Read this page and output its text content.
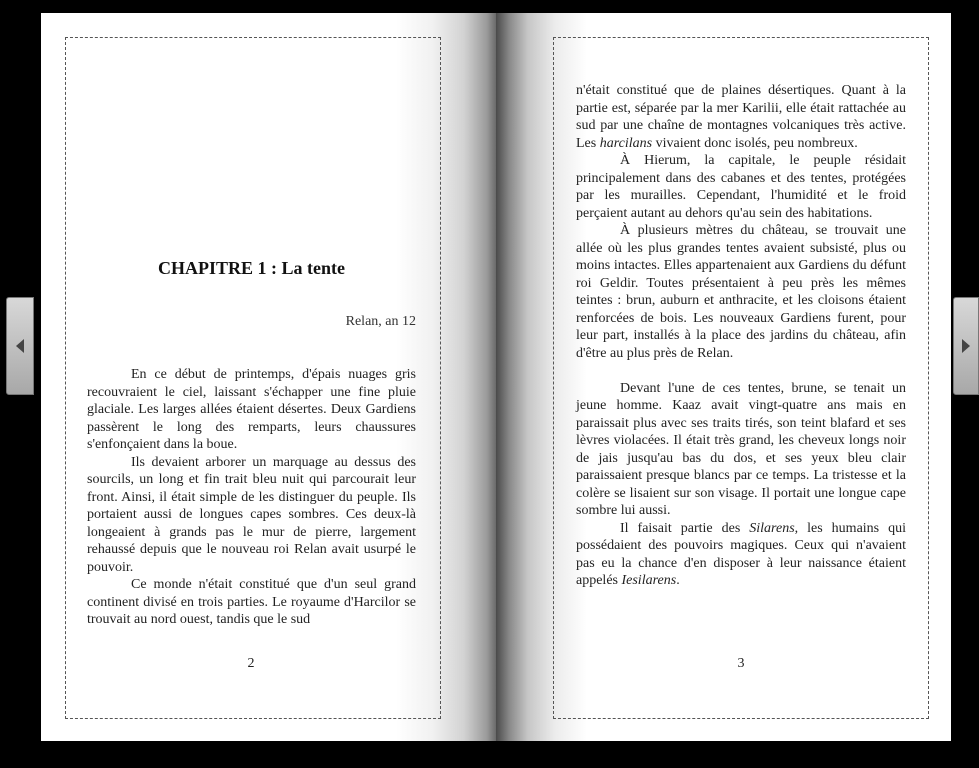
CHAPITRE 1 : La tente
Relan, an 12

En ce début de printemps, d'épais nuages gris recouvraient le ciel, laissant s'échapper une fine pluie glaciale. Les larges allées étaient désertes. Deux Gardiens passèrent le long des remparts, leurs chaussures s'enfonçaient dans la boue.

Ils devaient arborer un marquage au dessus des sourcils, un long et fin trait bleu nuit qui parcourait leur front. Ainsi, il était simple de les distinguer du peuple. Ils portaient aussi de longues capes sombres. Ces deux-là longeaient à grands pas le mur de pierre, largement rehaussé depuis que le nouveau roi Relan avait usurpé le pouvoir.

Ce monde n'était constitué que d'un seul grand continent divisé en trois parties. Le royaume d'Harcilor se trouvait au nord ouest, tandis que le sud

2

n'était constitué que de plaines désertiques. Quant à la partie est, séparée par la mer Karilii, elle était rattachée au sud par une chaîne de montagnes volcaniques très active. Les harcilans vivaient donc isolés, peu nombreux.

À Hierum, la capitale, le peuple résidait principalement dans des cabanes et des tentes, protégées par les murailles. Cependant, l'humidité et le froid perçaient autant au dehors qu'au sein des habitations.

À plusieurs mètres du château, se trouvait une allée où les plus grandes tentes avaient subsisté, plus ou moins intactes. Elles appartenaient aux Gardiens du défunt roi Geldir. Toutes présentaient à peu près les mêmes teintes : brun, auburn et anthracite, et les cloisons étaient renforcées de bois. Les nouveaux Gardiens furent, pour leur part, installés à la place des jardins du château, afin d'être au plus près de Relan.

Devant l'une de ces tentes, brune, se tenait un jeune homme. Kaaz avait vingt-quatre ans mais en paraissait plus avec ses traits tirés, son teint blafard et ses lèvres violacées. Il était très grand, les cheveux longs noir de jais jusqu'au bas du dos, et ses yeux bleu clair paraissaient presque blancs par ce temps. La tristesse et la colère se lisaient sur son visage. Il portait une longue cape sombre lui aussi.

Il faisait partie des Silarens, les humains qui possédaient des pouvoirs magiques. Ceux qui n'avaient pas eu la chance d'en disposer à leur naissance étaient appelés Iesilarens.

3
